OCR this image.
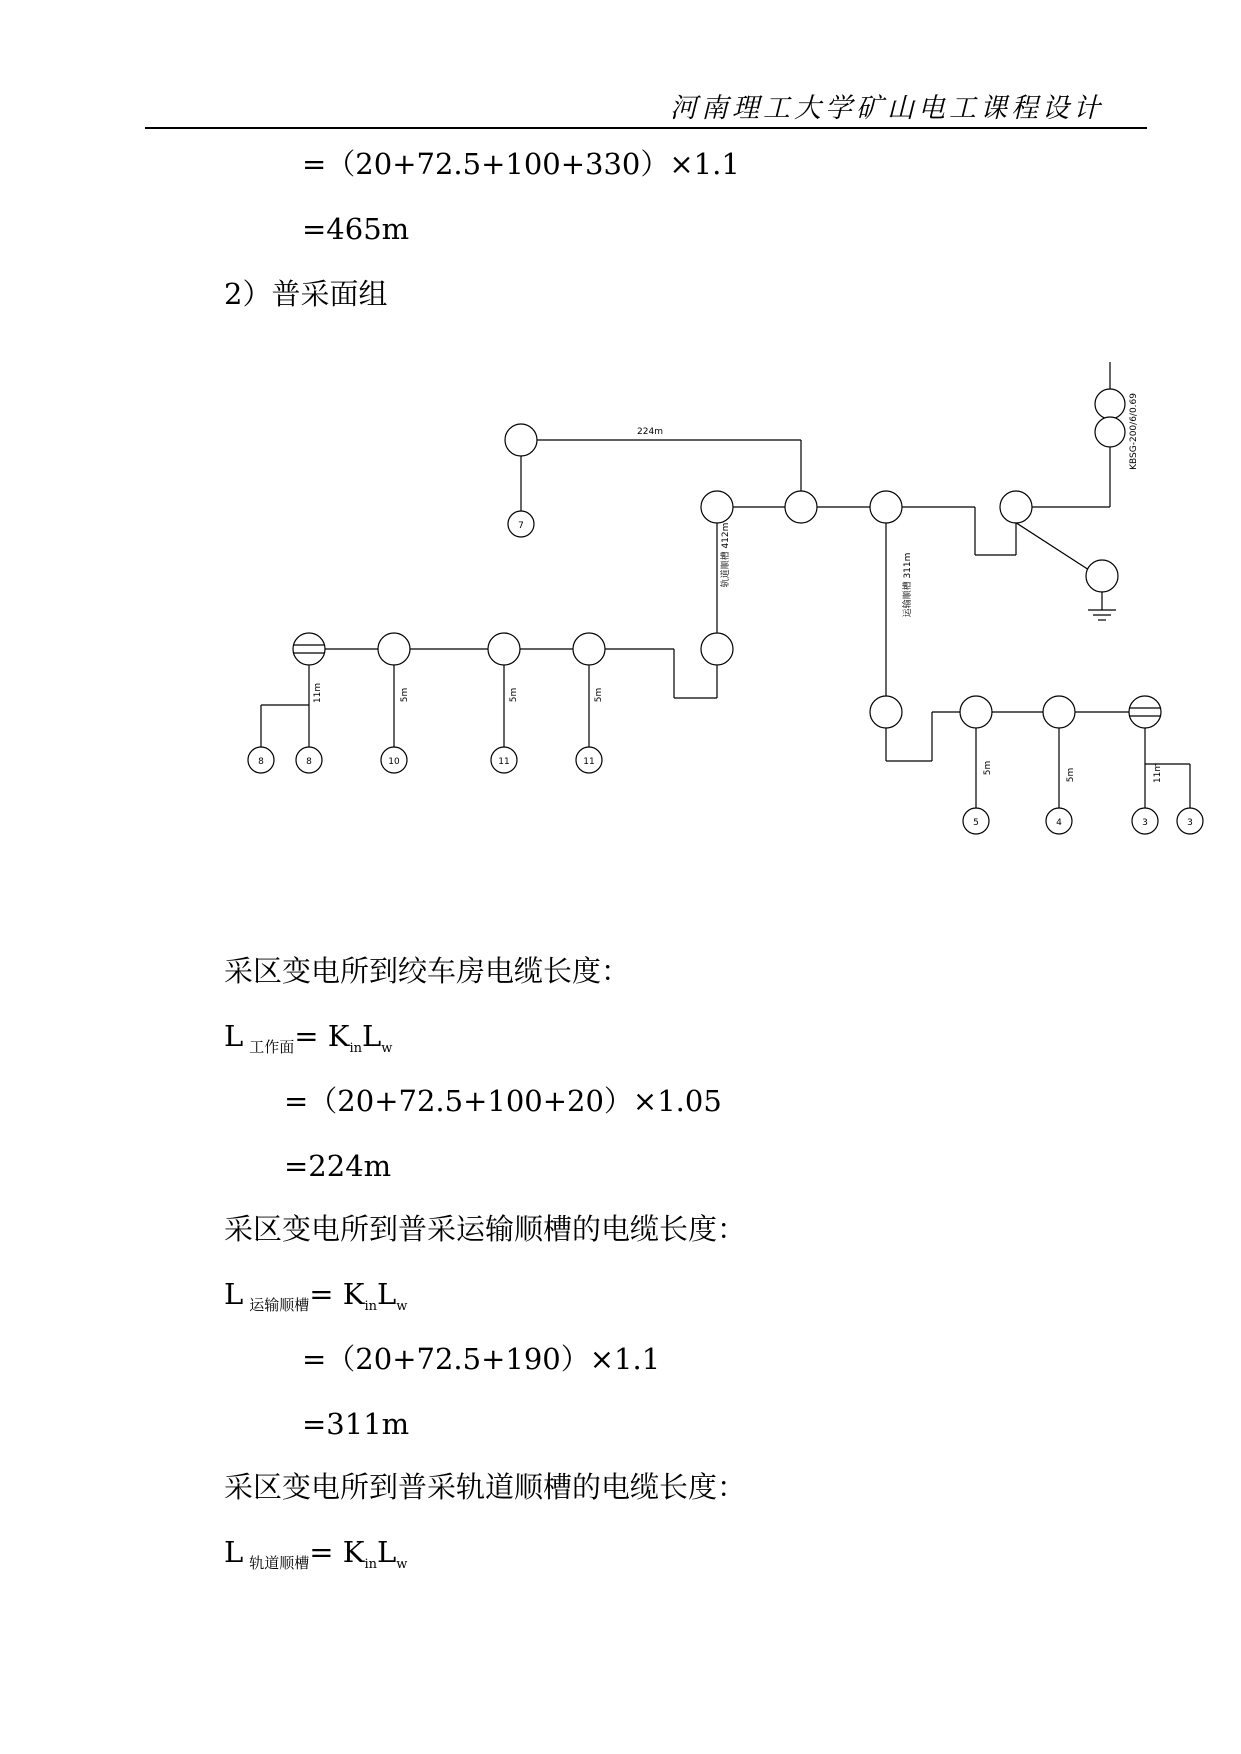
河南理工大学矿山电工课程设计
=（20+72.5+100+330）×1.1
=465m
2）普采面组
KBSG-200/6/0.69
224m
轨道顺槽 412m	运输顺槽 311m
11m	5m	5m	5m
5m	5m	11m
7
8	8	10	11	11
5	4	3	3
采区变电所到绞车房电缆长度：
L $_{工作面}= K_{in}L_w$
=（20+72.5+100+20）×1.05
=224m
采区变电所到普采运输顺槽的电缆长度：
L $_{运输顺槽}= K_{in}L_w$
=（20+72.5+190）×1.1
=311m
采区变电所到普采轨道顺槽的电缆长度：
L $_{轨道顺槽}= K_{in}L_w$
